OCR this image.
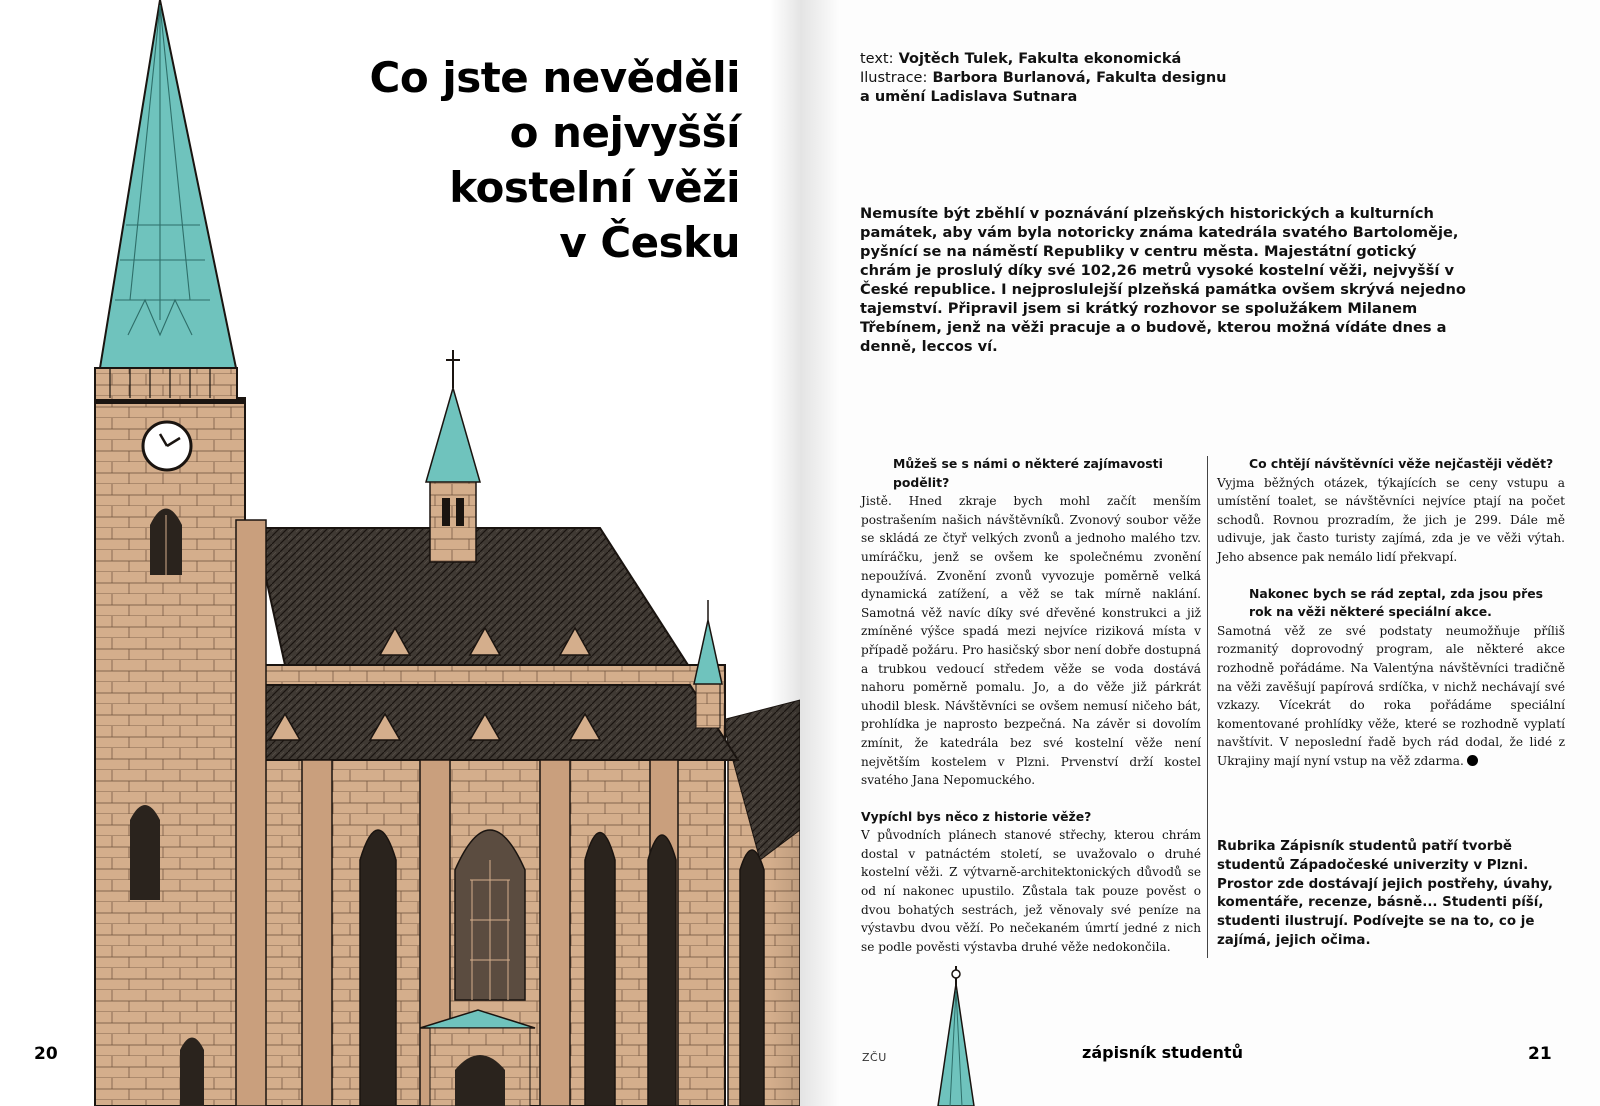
Co jste nevěděli
o nejvyšší
kostelní věži
v Česku
20
text: Vojtěch Tulek, Fakulta ekonomická
Ilustrace: Barbora Burlanová, Fakulta designu
a umění Ladislava Sutnara

Nemusíte být zběhlí v poznávání plzeňských historických a kulturních památek, aby vám byla notoricky známa katedrála svatého Bartoloměje, pyšnící se na náměstí Republiky v centru města. Majestátní gotický chrám je proslulý díky své 102,26 metrů vysoké kostelní věži, nejvyšší v České republice. I nejproslulejší plzeňská památka ovšem skrývá nejedno tajemství. Připravil jsem si krátký rozhovor se spolužákem Milanem Třebínem, jenž na věži pracuje a o budově, kterou možná vídáte dnes a denně, leccos ví.

Můžeš se s námi o některé zajímavosti podělit?

Jistě. Hned zkraje bych mohl začít menším postrašením našich návštěvníků. Zvonový soubor věže se skládá ze čtyř velkých zvonů a jednoho malého tzv. umíráčku, jenž se ovšem ke společnému zvonění nepoužívá. Zvonění zvonů vyvozuje poměrně velká dynamická zatížení, a věž se tak mírně naklání. Samotná věž navíc díky své dřevěné konstrukci a již zmíněné výšce spadá mezi nejvíce riziková místa v případě požáru. Pro hasičský sbor není dobře dostupná a trubkou vedoucí středem věže se voda dostává nahoru poměrně pomalu. Jo, a do věže již párkrát uhodil blesk. Návštěvníci se ovšem nemusí ničeho bát, prohlídka je naprosto bezpečná. Na závěr si dovolím zmínit, že katedrála bez své kostelní věže není největším kostelem v Plzni. Prvenství drží kostel svatého Jana Nepomuckého.

Vypíchl bys něco z historie věže?

V původních plánech stanové střechy, kterou chrám dostal v patnáctém století, se uvažovalo o druhé kostelní věži. Z výtvarně-architektonických důvodů se od ní nakonec upustilo. Zůstala tak pouze pověst o dvou bohatých sestrách, jež věnovaly své peníze na výstavbu dvou věží. Po nečekaném úmrtí jedné z nich se podle pověsti výstavba druhé věže nedokončila.

Co chtějí návštěvníci věže nejčastěji vědět?

Vyjma běžných otázek, týkajících se ceny vstupu a umístění toalet, se návštěvníci nejvíce ptají na počet schodů. Rovnou prozradím, že jich je 299. Dále mě udivuje, jak často turisty zajímá, zda je ve věži výtah. Jeho absence pak nemálo lidí překvapí.

Nakonec bych se rád zeptal, zda jsou přes rok na věži některé speciální akce.

Samotná věž ze své podstaty neumožňuje příliš rozmanitý doprovodný program, ale některé akce rozhodně pořádáme. Na Valentýna návštěvníci tradičně na věži zavěšují papírová srdíčka, v nichž nechávají své vzkazy. Vícekrát do roka pořádáme speciální komentované prohlídky věže, které se rozhodně vyplatí navštívit. V neposlední řadě bych rád dodal, že lidé z Ukrajiny mají nyní vstup na věž zdarma.

Rubrika Zápisník studentů patří tvorbě studentů Západočeské univerzity v Plzni. Prostor zde dostávají jejich postřehy, úvahy, komentáře, recenze, básně... Studenti píší, studenti ilustrují. Podívejte se na to, co je zajímá, jejich očima.

ZČU	zápisník studentů	21
